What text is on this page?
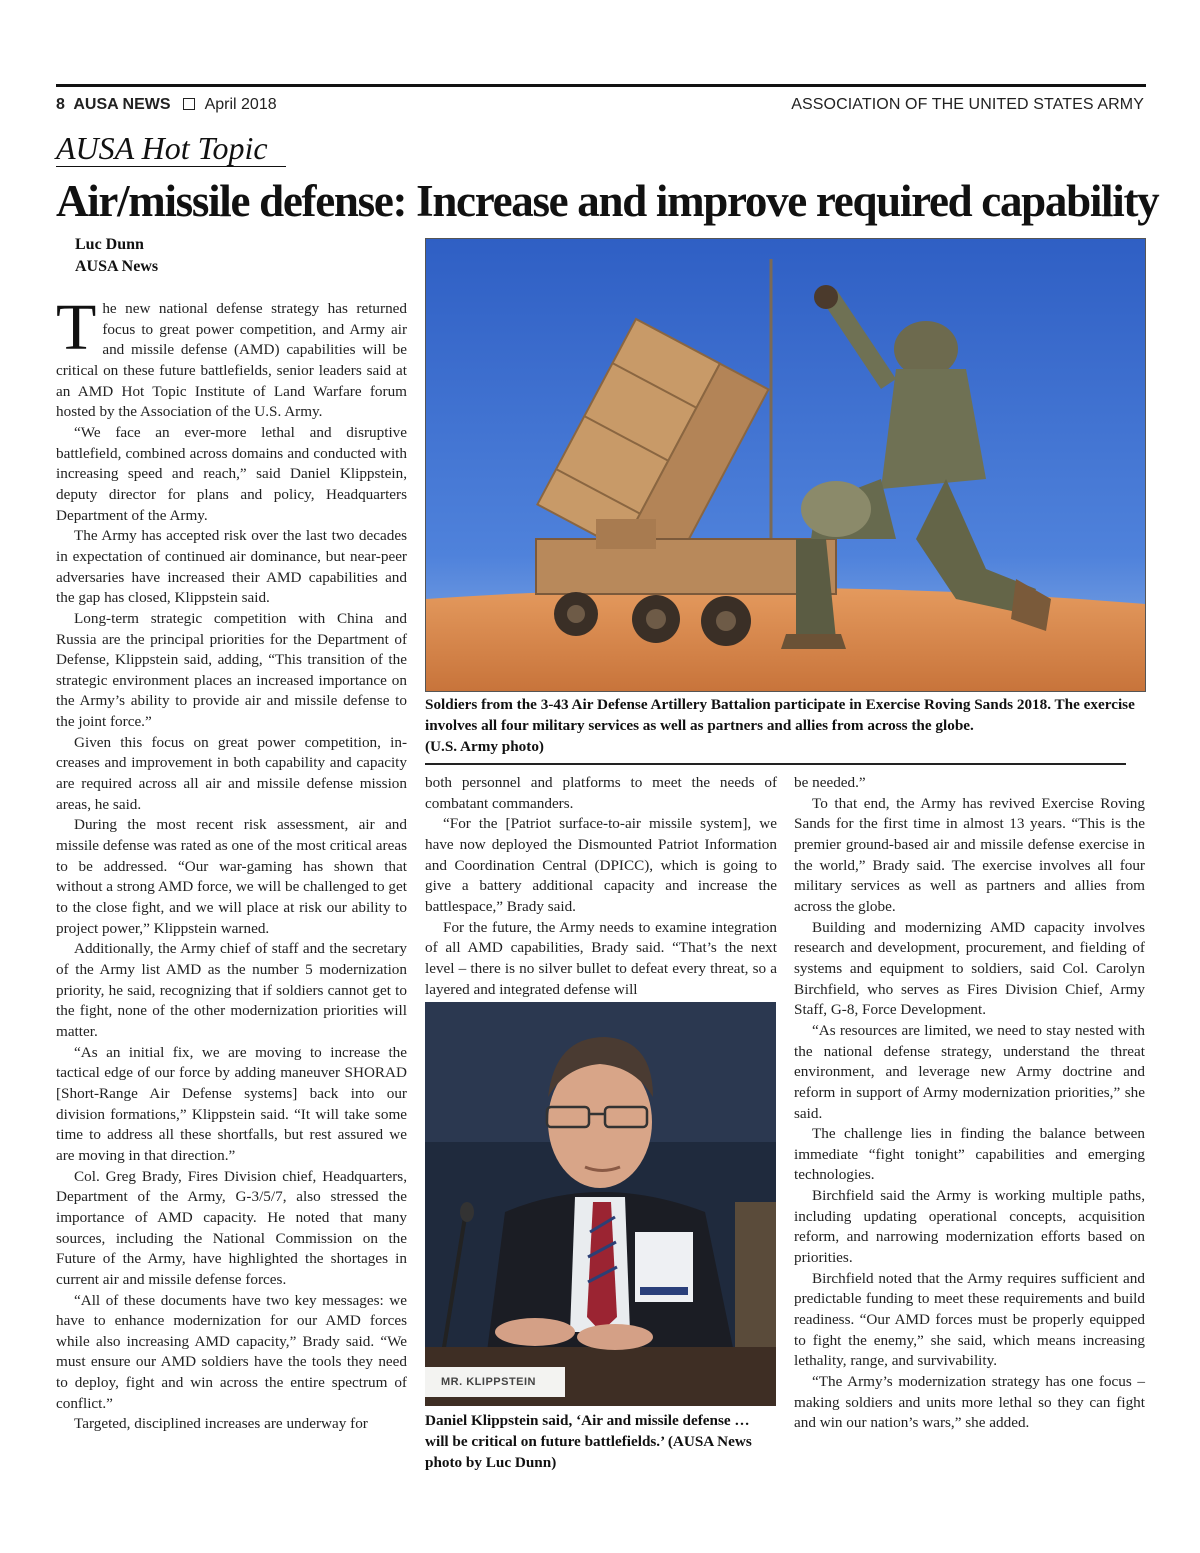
8 AUSA NEWS April 2018	ASSOCIATION OF THE UNITED STATES ARMY
AUSA Hot Topic
Air/missile defense: Increase and improve required capability
Luc Dunn
AUSA News

The new national defense strategy has returned focus to great power competition, and Army air and missile defense (AMD) capabilities will be critical on these future battlefields, senior leaders said at an AMD Hot Topic Institute of Land Warfare forum hosted by the Association of the U.S. Army.

“We face an ever-more lethal and disruptive battlefield, combined across domains and conducted with increasing speed and reach,” said Daniel Klippstein, deputy director for plans and policy, Headquarters Department of the Army.

The Army has accepted risk over the last two decades in expectation of continued air dominance, but near-peer adversaries have increased their AMD capabilities and the gap has closed, Klippstein said.

Long-term strategic competition with China and Russia are the principal priorities for the Department of Defense, Klippstein said, adding, “This transition of the strategic environment places an increased importance on the Army’s ability to provide air and missile defense to the joint force.”

Given this focus on great power competition, increases and improvement in both capability and capacity are required across all air and missile defense mission areas, he said.

During the most recent risk assessment, air and missile defense was rated as one of the most critical areas to be addressed. “Our war-gaming has shown that without a strong AMD force, we will be challenged to get to the close fight, and we will place at risk our ability to project power,” Klippstein warned.

Additionally, the Army chief of staff and the secretary of the Army list AMD as the number 5 modernization priority, he said, recognizing that if soldiers cannot get to the fight, none of the other modernization priorities will matter.

“As an initial fix, we are moving to increase the tactical edge of our force by adding maneuver SHORAD [Short-Range Air Defense systems] back into our division formations,” Klippstein said. “It will take some time to address all these shortfalls, but rest assured we are moving in that direction.”

Col. Greg Brady, Fires Division chief, Headquarters, Department of the Army, G-3/5/7, also stressed the importance of AMD capacity. He noted that many sources, including the National Commission on the Future of the Army, have highlighted the shortages in current air and missile defense forces.

“All of these documents have two key messages: we have to enhance modernization for our AMD forces while also increasing AMD capacity,” Brady said. “We must ensure our AMD soldiers have the tools they need to deploy, fight and win across the entire spectrum of conflict.”

Targeted, disciplined increases are underway for

Soldiers from the 3-43 Air Defense Artillery Battalion participate in Exercise Roving Sands 2018. The exercise involves all four military services as well as partners and allies from across the globe.
(U.S. Army photo)

both personnel and platforms to meet the needs of combatant commanders.

“For the [Patriot surface-to-air missile system], we have now deployed the Dismounted Patriot Information and Coordination Central (DPICC), which is going to give a battery additional capacity and increase the battlespace,” Brady said.

For the future, the Army needs to examine integration of all AMD capabilities, Brady said. “That’s the next level – there is no silver bullet to defeat every threat, so a layered and integrated defense will

MR. KLIPPSTEIN
Daniel Klippstein said, ‘Air and missile defense … will be critical on future battlefields.’ (AUSA News photo by Luc Dunn)

be needed.”

To that end, the Army has revived Exercise Roving Sands for the first time in almost 13 years. “This is the premier ground-based air and missile defense exercise in the world,” Brady said. The exercise involves all four military services as well as partners and allies from across the globe.

Building and modernizing AMD capacity involves research and development, procurement, and fielding of systems and equipment to soldiers, said Col. Carolyn Birchfield, who serves as Fires Division Chief, Army Staff, G-8, Force Development.

“As resources are limited, we need to stay nested with the national defense strategy, understand the threat environment, and leverage new Army doctrine and reform in support of Army modernization priorities,” she said.

The challenge lies in finding the balance between immediate “fight tonight” capabilities and emerging technologies.

Birchfield said the Army is working multiple paths, including updating operational concepts, acquisition reform, and narrowing modernization efforts based on priorities.

Birchfield noted that the Army requires sufficient and predictable funding to meet these requirements and build readiness. “Our AMD forces must be properly equipped to fight the enemy,” she said, which means increasing lethality, range, and survivability.

“The Army’s modernization strategy has one focus – making soldiers and units more lethal so they can fight and win our nation’s wars,” she added.
